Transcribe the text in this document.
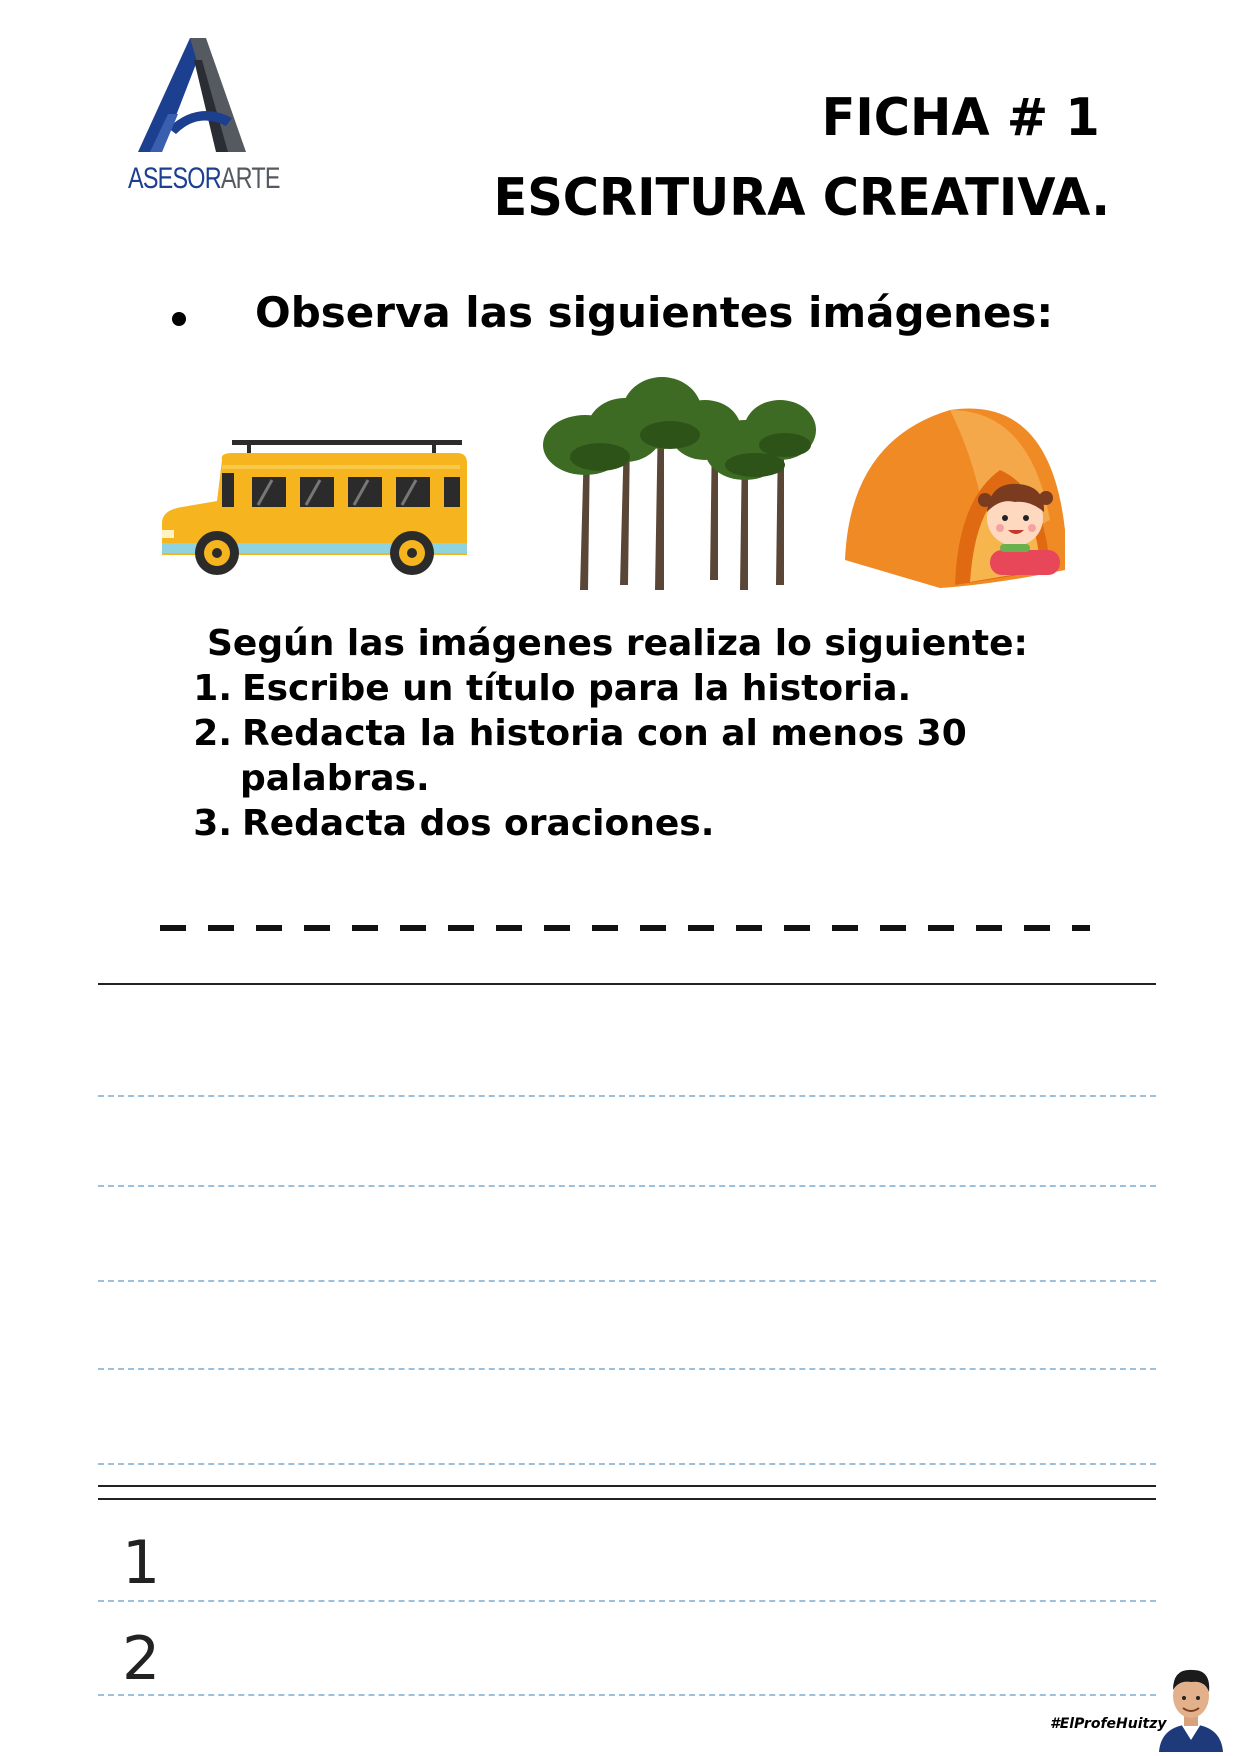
ASESORARTE
FICHA # 1
ESCRITURA CREATIVA.
Observa las siguientes imágenes:
Según las imágenes realiza lo siguiente:
1. Escribe un título para la historia.
2. Redacta la historia con al menos 30
palabras.
3. Redacta dos oraciones.
1
2
#ElProfeHuitzy
